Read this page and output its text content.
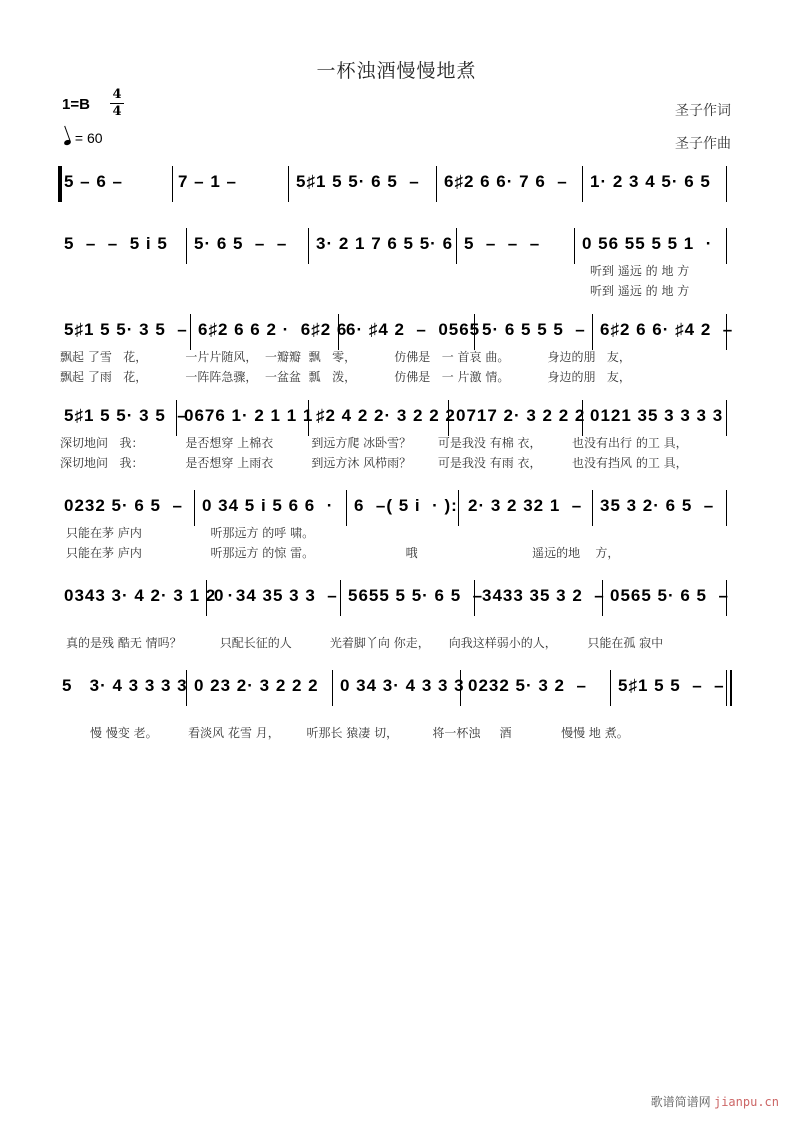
一杯浊酒慢慢地煮
1=B
4
4
= 60
圣子作词
圣子作曲
5 – 6 –	7 – 1 –	5♯1 5 5· 6 5  – 6♯2 6 6· 7 6  – 1· 2 3 4 5· 6 5
5  –  –  5 i 5 5· 6 5  –  – 3· 2 1 7 6 5 5· 6 5  –  –  – 0 56 55 5 5 1  ·
听到 遥远 的 地 方
听到 遥远 的 地 方
5♯1 5 5· 3 5  – 6♯2 6 6 2 ·  6♯2 6
6· ♯4 2  –  0565 5· 6 5 5 5  – 6♯2 6 6· ♯4 2  –
飘起 了雪   花，          一片片随风，  一瓣瓣  飘   零，          仿佛是   一 首哀 曲。          身边的朋   友，
飘起 了雨   花，          一阵阵急骤，  一盆盆  瓢   泼，          仿佛是   一 片激 情。          身边的朋   友，
5♯1 5 5· 3 5  –
0676 1· 2 1 1 1 ♯2 4 2 2· 3 2 2 2 0717 2· 3 2 2 2 0121 35 3 3 3 3
深切地问   我：           是否想穿 上棉衣          到远方爬 冰卧雪？       可是我没 有棉 衣，        也没有出行 的工 具，
深切地问   我：           是否想穿 上雨衣          到远方沐 风栉雨？       可是我没 有雨 衣，        也没有挡风 的工 具，
0232 5· 6 5  – 0 34 5 i 5 6 6  · 6  –( 5 i  · ): 2· 3 2 32 1  – 35 3 2· 6 5  –
只能在茅 庐内                  听那远方 的呼 啸。
只能在茅 庐内                  听那远方 的惊 雷。                        哦                              遥远的地    方，
0343 3· 4 2· 3 1 2  ·
0  34 35 3 3  – 5655 5 5· 6 5  –
3433 35 3 2  – 0565 5· 6 5  –
真的是残 酷无 情吗？          只配长征的人          光着脚丫向 你走，     向我这样弱小的人，        只能在孤 寂中
5   3· 4 3 3 3 3 0 23 2· 3 2 2 2 0 34 3· 4 3 3 3 0232 5· 3 2  – 5♯1 5 5  –  –
慢 慢变 老。        看淡风 花雪 月，       听那长 猿凄 切，         将一杯浊     酒             慢慢 地 煮。
歌谱简谱网 jianpu.cn
